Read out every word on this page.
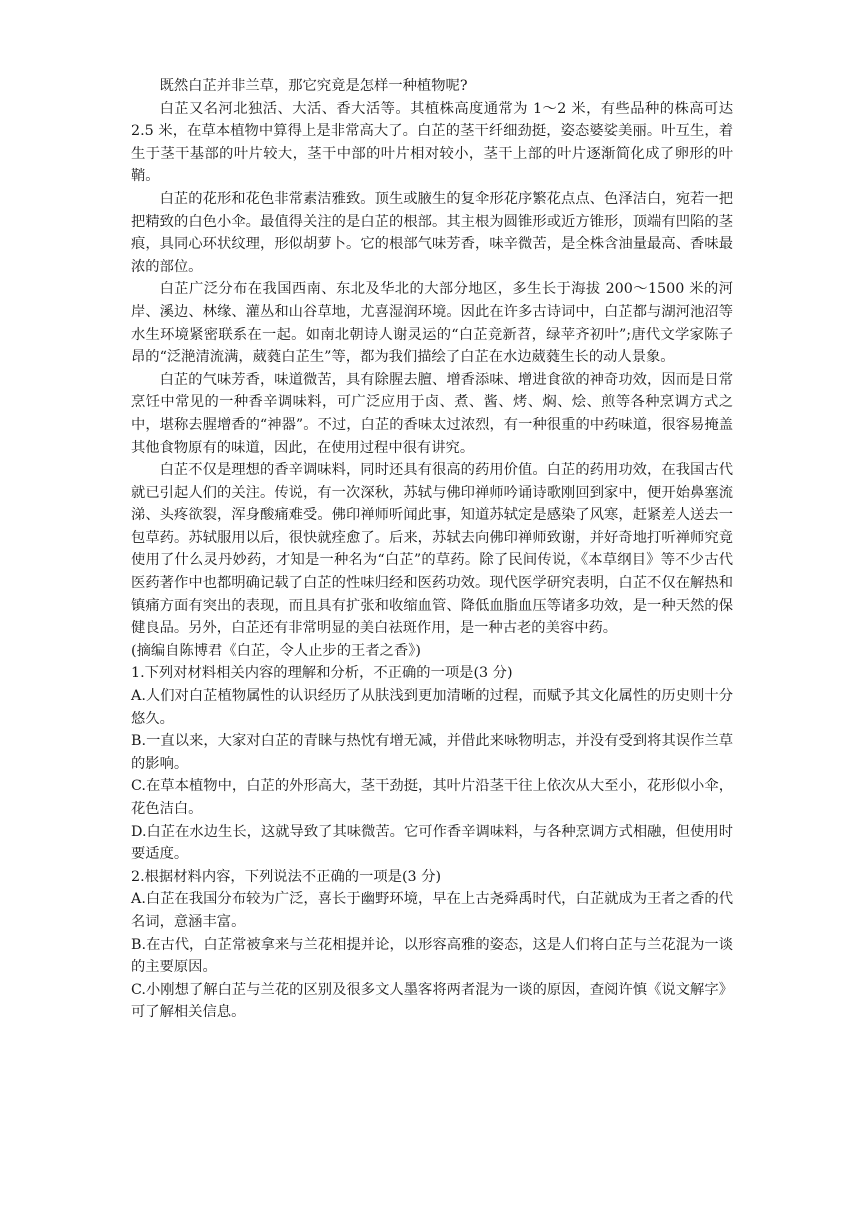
既然白芷并非兰草，那它究竟是怎样一种植物呢?

白芷又名河北独活、大活、香大活等。其植株高度通常为 1～2 米，有些品种的株高可达 2.5 米，在草本植物中算得上是非常高大了。白芷的茎干纤细劲挺，姿态婆娑美丽。叶互生，着生于茎干基部的叶片较大，茎干中部的叶片相对较小，茎干上部的叶片逐渐简化成了卵形的叶鞘。

白芷的花形和花色非常素洁雅致。顶生或腋生的复伞形花序繁花点点、色泽洁白，宛若一把把精致的白色小伞。最值得关注的是白芷的根部。其主根为圆锥形或近方锥形，顶端有凹陷的茎痕，具同心环状纹理，形似胡萝卜。它的根部气味芳香，味辛微苦，是全株含油量最高、香味最浓的部位。

白芷广泛分布在我国西南、东北及华北的大部分地区，多生长于海拔 200～1500 米的河岸、溪边、林缘、灌丛和山谷草地，尤喜湿润环境。因此在许多古诗词中，白芷都与湖河池沼等水生环境紧密联系在一起。如南北朝诗人谢灵运的“白芷竞新苕，绿苹齐初叶”;唐代文学家陈子昂的“泛滟清流满，葳蕤白芷生”等，都为我们描绘了白芷在水边葳蕤生长的动人景象。

白芷的气味芳香，味道微苦，具有除腥去膻、增香添味、增进食欲的神奇功效，因而是日常烹饪中常见的一种香辛调味料，可广泛应用于卤、煮、酱、烤、焖、烩、煎等各种烹调方式之中，堪称去腥增香的“神器”。不过，白芷的香味太过浓烈，有一种很重的中药味道，很容易掩盖其他食物原有的味道，因此，在使用过程中很有讲究。

白芷不仅是理想的香辛调味料，同时还具有很高的药用价值。白芷的药用功效，在我国古代就已引起人们的关注。传说，有一次深秋，苏轼与佛印禅师吟诵诗歌刚回到家中，便开始鼻塞流涕、头疼欲裂，浑身酸痛难受。佛印禅师听闻此事，知道苏轼定是感染了风寒，赶紧差人送去一包草药。苏轼服用以后，很快就痊愈了。后来，苏轼去向佛印禅师致谢，并好奇地打听禅师究竟使用了什么灵丹妙药，才知是一种名为“白芷”的草药。除了民间传说，《本草纲目》等不少古代医药著作中也都明确记载了白芷的性味归经和医药功效。现代医学研究表明，白芷不仅在解热和镇痛方面有突出的表现，而且具有扩张和收缩血管、降低血脂血压等诸多功效，是一种天然的保健良品。另外，白芷还有非常明显的美白祛斑作用，是一种古老的美容中药。

(摘编自陈博君《白芷，令人止步的王者之香》)

1.下列对材料相关内容的理解和分析，不正确的一项是(3 分)

A.人们对白芷植物属性的认识经历了从肤浅到更加清晰的过程，而赋予其文化属性的历史则十分悠久。

B.一直以来，大家对白芷的青睐与热忱有增无减，并借此来咏物明志，并没有受到将其误作兰草的影响。

C.在草本植物中，白芷的外形高大，茎干劲挺，其叶片沿茎干往上依次从大至小，花形似小伞，花色洁白。

D.白芷在水边生长，这就导致了其味微苦。它可作香辛调味料，与各种烹调方式相融，但使用时要适度。

2.根据材料内容，下列说法不正确的一项是(3 分)

A.白芷在我国分布较为广泛，喜长于幽野环境，早在上古尧舜禹时代，白芷就成为王者之香的代名词，意涵丰富。

B.在古代，白芷常被拿来与兰花相提并论，以形容高雅的姿态，这是人们将白芷与兰花混为一谈的主要原因。

C.小刚想了解白芷与兰花的区别及很多文人墨客将两者混为一谈的原因，查阅许慎《说文解字》可了解相关信息。
